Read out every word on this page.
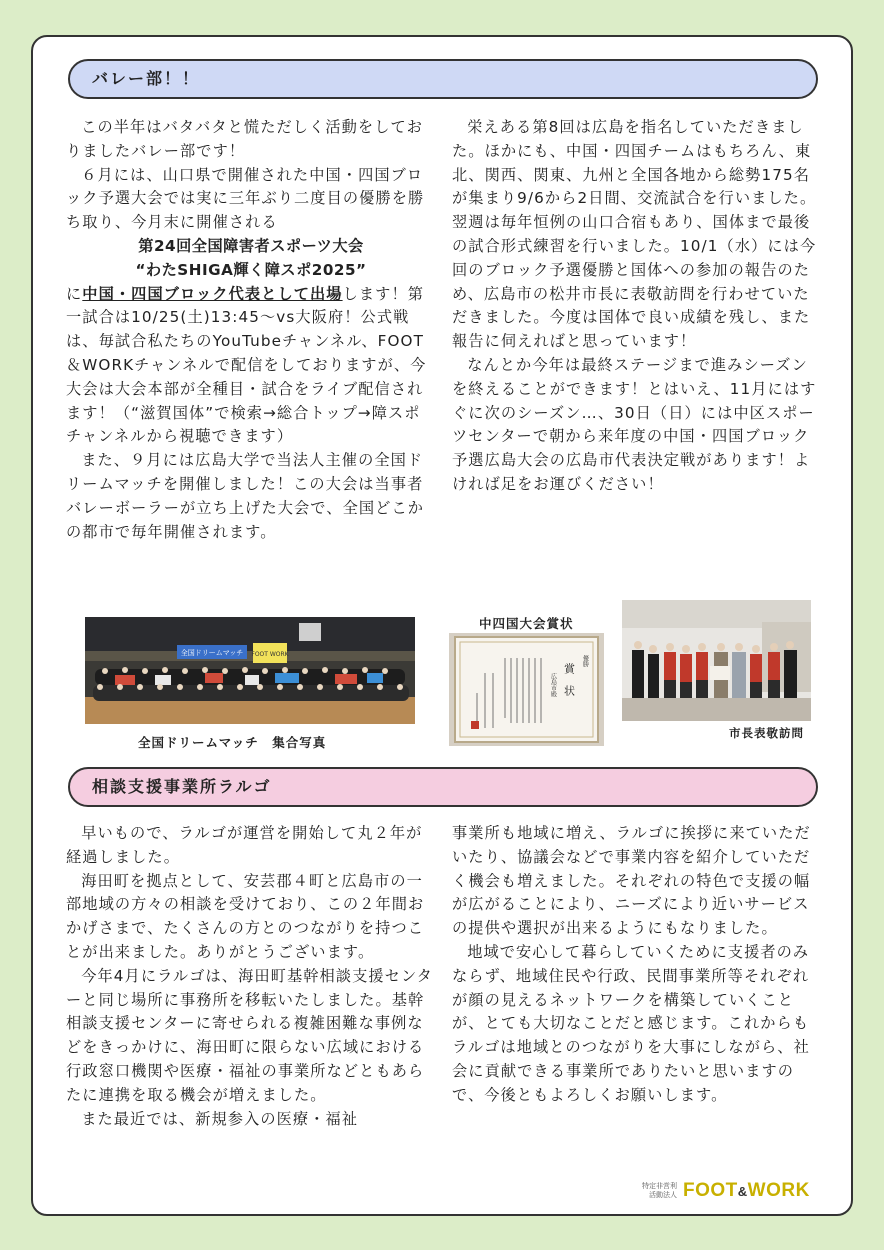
バレー部！！

この半年はバタバタと慌ただしく活動をしておりましたバレー部です！

６月には、山口県で開催された中国・四国ブロック予選大会では実に三年ぶり二度目の優勝を勝ち取り、今月末に開催される

第24回全国障害者スポーツ大会

“わたSHIGA輝く障スポ2025”

に中国・四国ブロック代表として出場します！第一試合は10/25(土)13:45～vs大阪府！公式戦は、毎試合私たちのYouTubeチャンネル、FOOT＆WORKチャンネルで配信をしておりますが、今大会は大会本部が全種目・試合をライブ配信されます！（“滋賀国体”で検索→総合トップ→障スポチャンネルから視聴できます）

また、９月には広島大学で当法人主催の全国ドリームマッチを開催しました！この大会は当事者バレーボーラーが立ち上げた大会で、全国どこかの都市で毎年開催されます。

栄えある第8回は広島を指名していただきました。ほかにも、中国・四国チームはもちろん、東北、関西、関東、九州と全国各地から総勢175名が集まり9/6から2日間、交流試合を行いました。

翌週は毎年恒例の山口合宿もあり、国体まで最後の試合形式練習を行いました。10/1（水）には今回のブロック予選優勝と国体への参加の報告のため、広島市の松井市長に表敬訪問を行わせていただきました。今度は国体で良い成績を残し、また報告に伺えればと思っています！

なんとか今年は最終ステージまで進みシーズンを終えることができます！とはいえ、11月にはすぐに次のシーズン…、30日（日）には中区スポーツセンターで朝から来年度の中国・四国ブロック予選広島大会の広島市代表決定戦があります！よければ足をお運びください！

全国ドリームマッチ FOOT WORK
全国ドリームマッチ　集合写真
中四国大会賞状
賞　状
優勝
広島市殿
市長表敬訪問
相談支援事業所ラルゴ

早いもので、ラルゴが運営を開始して丸２年が経過しました。

海田町を拠点として、安芸郡４町と広島市の一部地域の方々の相談を受けており、この２年間おかげさまで、たくさんの方とのつながりを持つことが出来ました。ありがとうございます。

今年4月にラルゴは、海田町基幹相談支援センターと同じ場所に事務所を移転いたしました。基幹相談支援センターに寄せられる複雑困難な事例などをきっかけに、海田町に限らない広域における行政窓口機関や医療・福祉の事業所などともあらたに連携を取る機会が増えました。

また最近では、新規参入の医療・福祉

事業所も地域に増え、ラルゴに挨拶に来ていただいたり、協議会などで事業内容を紹介していただく機会も増えました。それぞれの特色で支援の幅が広がることにより、ニーズにより近いサービスの提供や選択が出来るようにもなりました。

地域で安心して暮らしていくために支援者のみならず、地域住民や行政、民間事業所等それぞれが顔の見えるネットワークを構築していくことが、とても大切なことだと感じます。これからもラルゴは地域とのつながりを大事にしながら、社会に貢献できる事業所でありたいと思いますので、今後ともよろしくお願いします。

特定非営利
活動法人 FOOT&WORK
